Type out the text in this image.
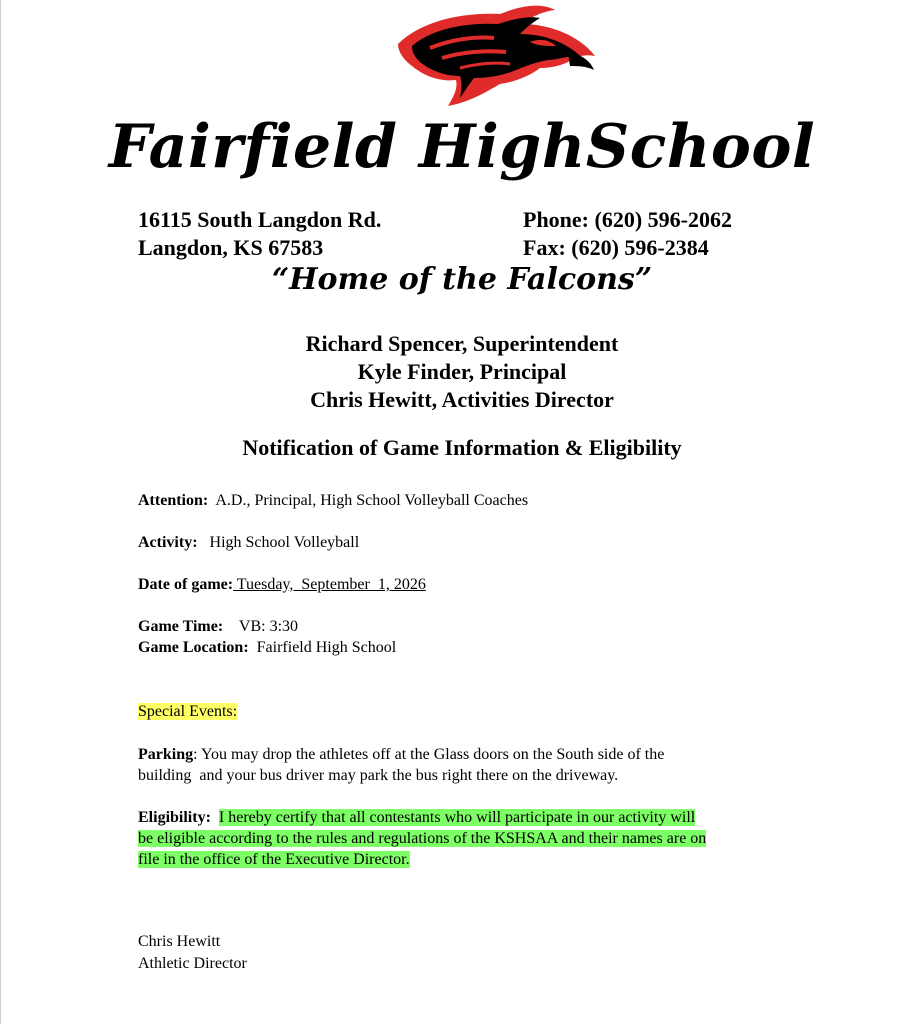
Fairfield HighSchool
16115 South Langdon Rd.
Langdon, KS 67583
Phone: (620) 596-2062
Fax: (620) 596-2384
“Home of the Falcons”
Richard Spencer, Superintendent
Kyle Finder, Principal
Chris Hewitt, Activities Director
Notification of Game Information & Eligibility
Attention: A.D., Principal, High School Volleyball Coaches
Activity: High School Volleyball
Date of game: Tuesday,  September  1, 2026
Game Time: VB: 3:30
Game Location: Fairfield High School
Special Events:
Parking: You may drop the athletes off at the Glass doors on the South side of the
building  and your bus driver may park the bus right there on the driveway.
Eligibility: I hereby certify that all contestants who will participate in our activity will
be eligible according to the rules and regulations of the KSHSAA and their names are on
file in the office of the Executive Director.
Chris Hewitt
Athletic Director
